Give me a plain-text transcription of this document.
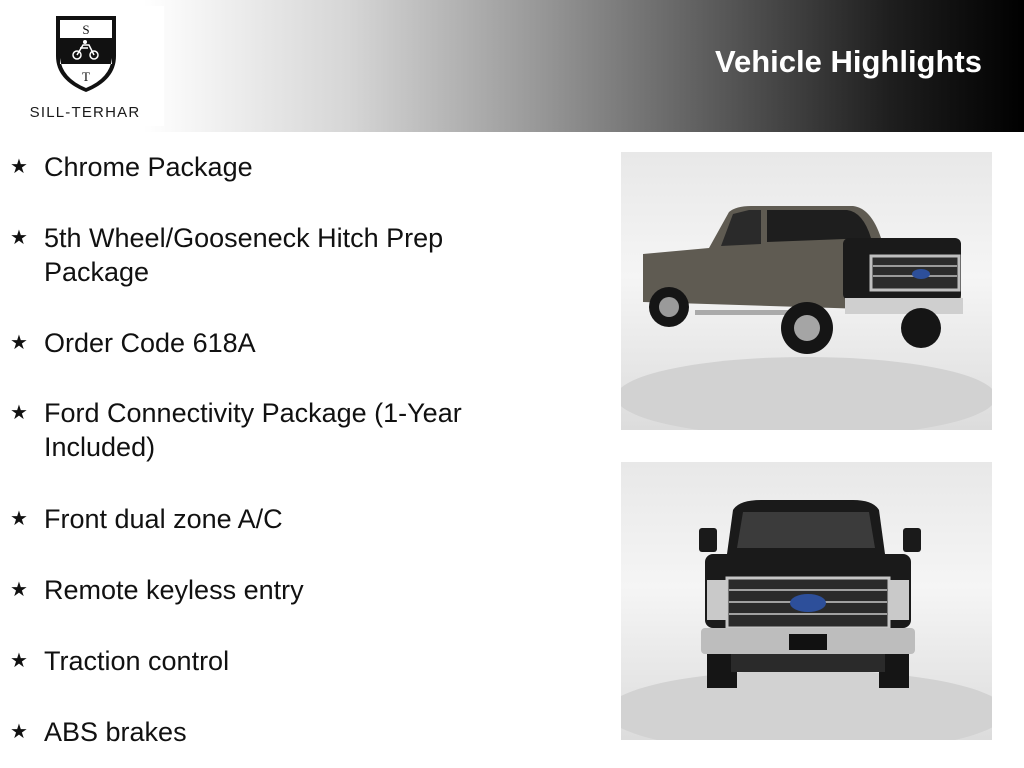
S
T
SILL-TERHAR
Vehicle Highlights
★ Chrome Package
★ 5th Wheel/Gooseneck Hitch Prep Package
★ Order Code 618A
★ Ford Connectivity Package (1-Year Included)
★ Front dual zone A/C
★ Remote keyless entry
★ Traction control
★ ABS brakes
